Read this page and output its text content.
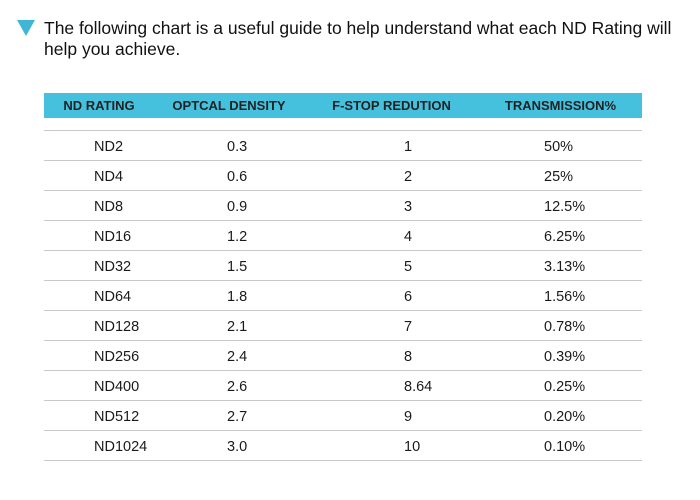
The following chart is a useful guide to help understand what each ND Rating will help you achieve.
ND RATING	OPTCAL DENSITY	F-STOP REDUTION	TRANSMISSION%

ND2	0.3	1	50%
ND4	0.6	2	25%
ND8	0.9	3	12.5%
ND16	1.2	4	6.25%
ND32	1.5	5	3.13%
ND64	1.8	6	1.56%
ND128	2.1	7	0.78%
ND256	2.4	8	0.39%
ND400	2.6	8.64	0.25%
ND512	2.7	9	0.20%
ND1024	3.0	10	0.10%
